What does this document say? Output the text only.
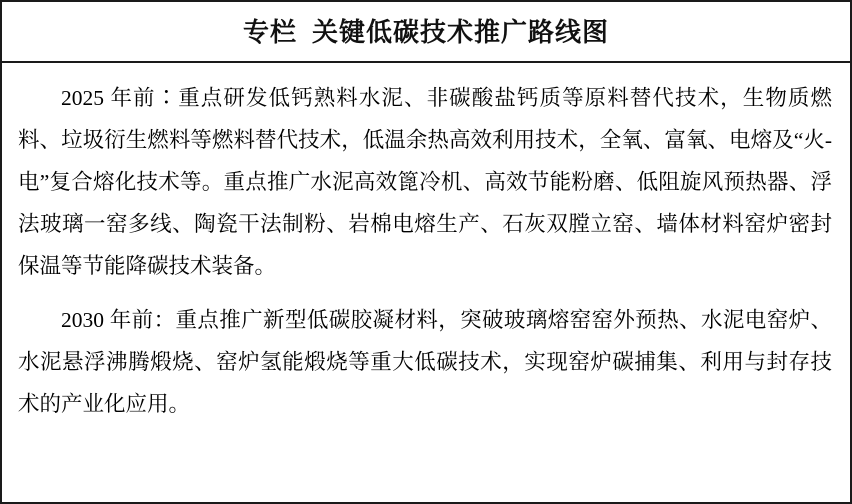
专栏  关键低碳技术推广路线图

2025 年前∶重点研发低钙熟料水泥、非碳酸盐钙质等原料替代技术，生物质燃料、垃圾衍生燃料等燃料替代技术，低温余热高效利用技术，全氧、富氧、电熔及“火-电”复合熔化技术等。重点推广水泥高效篦冷机、高效节能粉磨、低阻旋风预热器、浮法玻璃一窑多线、陶瓷干法制粉、岩棉电熔生产、石灰双膛立窑、墙体材料窑炉密封保温等节能降碳技术装备。

2030 年前：重点推广新型低碳胶凝材料，突破玻璃熔窑窑外预热、水泥电窑炉、水泥悬浮沸腾煅烧、窑炉氢能煅烧等重大低碳技术，实现窑炉碳捕集、利用与封存技术的产业化应用。
